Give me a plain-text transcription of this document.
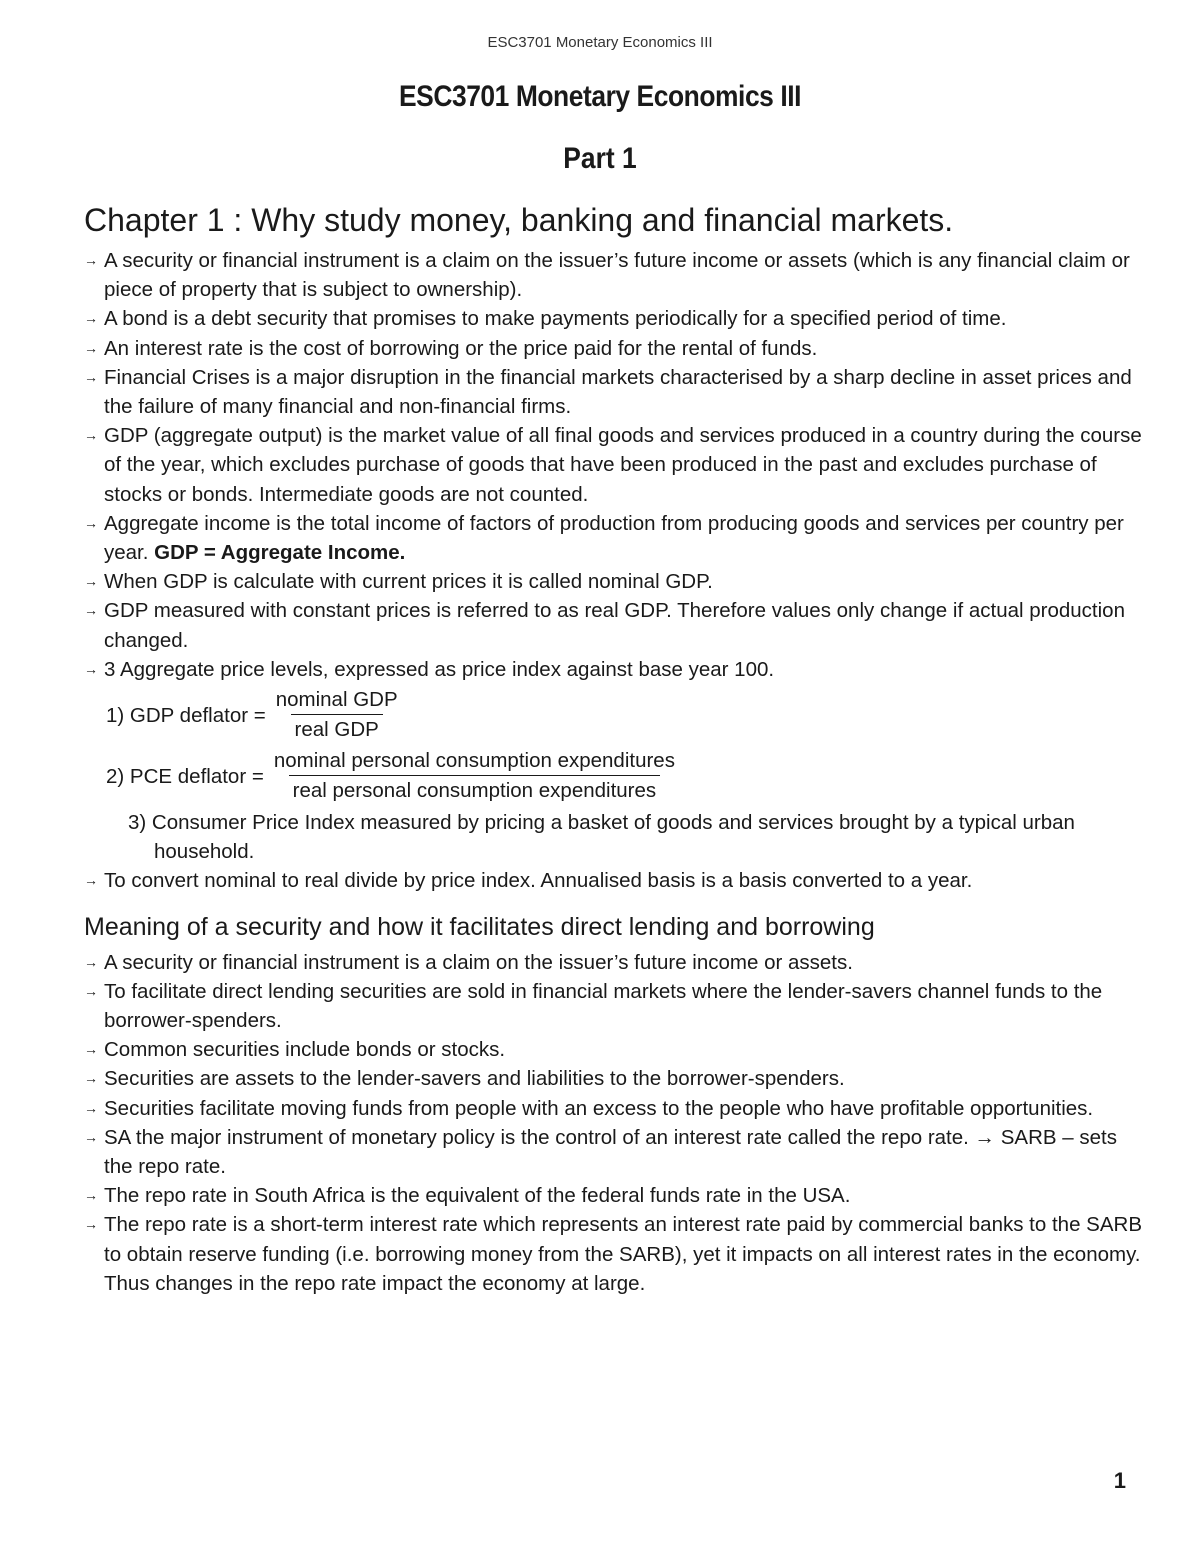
ESC3701 Monetary Economics III
ESC3701 Monetary Economics III
Part 1
Chapter 1 : Why study money, banking and financial markets.
→ A security or financial instrument is a claim on the issuer’s future income or assets (which is any financial claim or piece of property that is subject to ownership).
→ A bond is a debt security that promises to make payments periodically for a specified period of time.
→ An interest rate is the cost of borrowing or the price paid for the rental of funds.
→ Financial Crises is a major disruption in the financial markets characterised by a sharp decline in asset prices and the failure of many financial and non-financial firms.
→ GDP (aggregate output) is the market value of all final goods and services produced in a country during the course of the year, which excludes purchase of goods that have been produced in the past and excludes purchase of stocks or bonds. Intermediate goods are not counted.
→ Aggregate income is the total income of factors of production from producing goods and services per country per year. GDP = Aggregate Income.
→ When GDP is calculate with current prices it is called nominal GDP.
→ GDP measured with constant prices is referred to as real GDP. Therefore values only change if actual production changed.
→ 3 Aggregate price levels, expressed as price index against base year 100.
1) GDP deflator = $\frac{\text{nominal GDP}}{\text{real GDP}}$
2) PCE deflator = $\frac{\text{nominal personal consumption expenditures}}{\text{real personal consumption expenditures}}$
3) Consumer Price Index measured by pricing a basket of goods and services brought by a typical urban household.
→ To convert nominal to real divide by price index. Annualised basis is a basis converted to a year.
Meaning of a security and how it facilitates direct lending and borrowing
→ A security or financial instrument is a claim on the issuer’s future income or assets.
→ To facilitate direct lending securities are sold in financial markets where the lender-savers channel funds to the borrower-spenders.
→ Common securities include bonds or stocks.
→ Securities are assets to the lender-savers and liabilities to the borrower-spenders.
→ Securities facilitate moving funds from people with an excess to the people who have profitable opportunities.
→ SA the major instrument of monetary policy is the control of an interest rate called the repo rate. → SARB – sets the repo rate.
→ The repo rate in South Africa is the equivalent of the federal funds rate in the USA.
→ The repo rate is a short-term interest rate which represents an interest rate paid by commercial banks to the SARB to obtain reserve funding (i.e. borrowing money from the SARB), yet it impacts on all interest rates in the economy. Thus changes in the repo rate impact the economy at large.
1
